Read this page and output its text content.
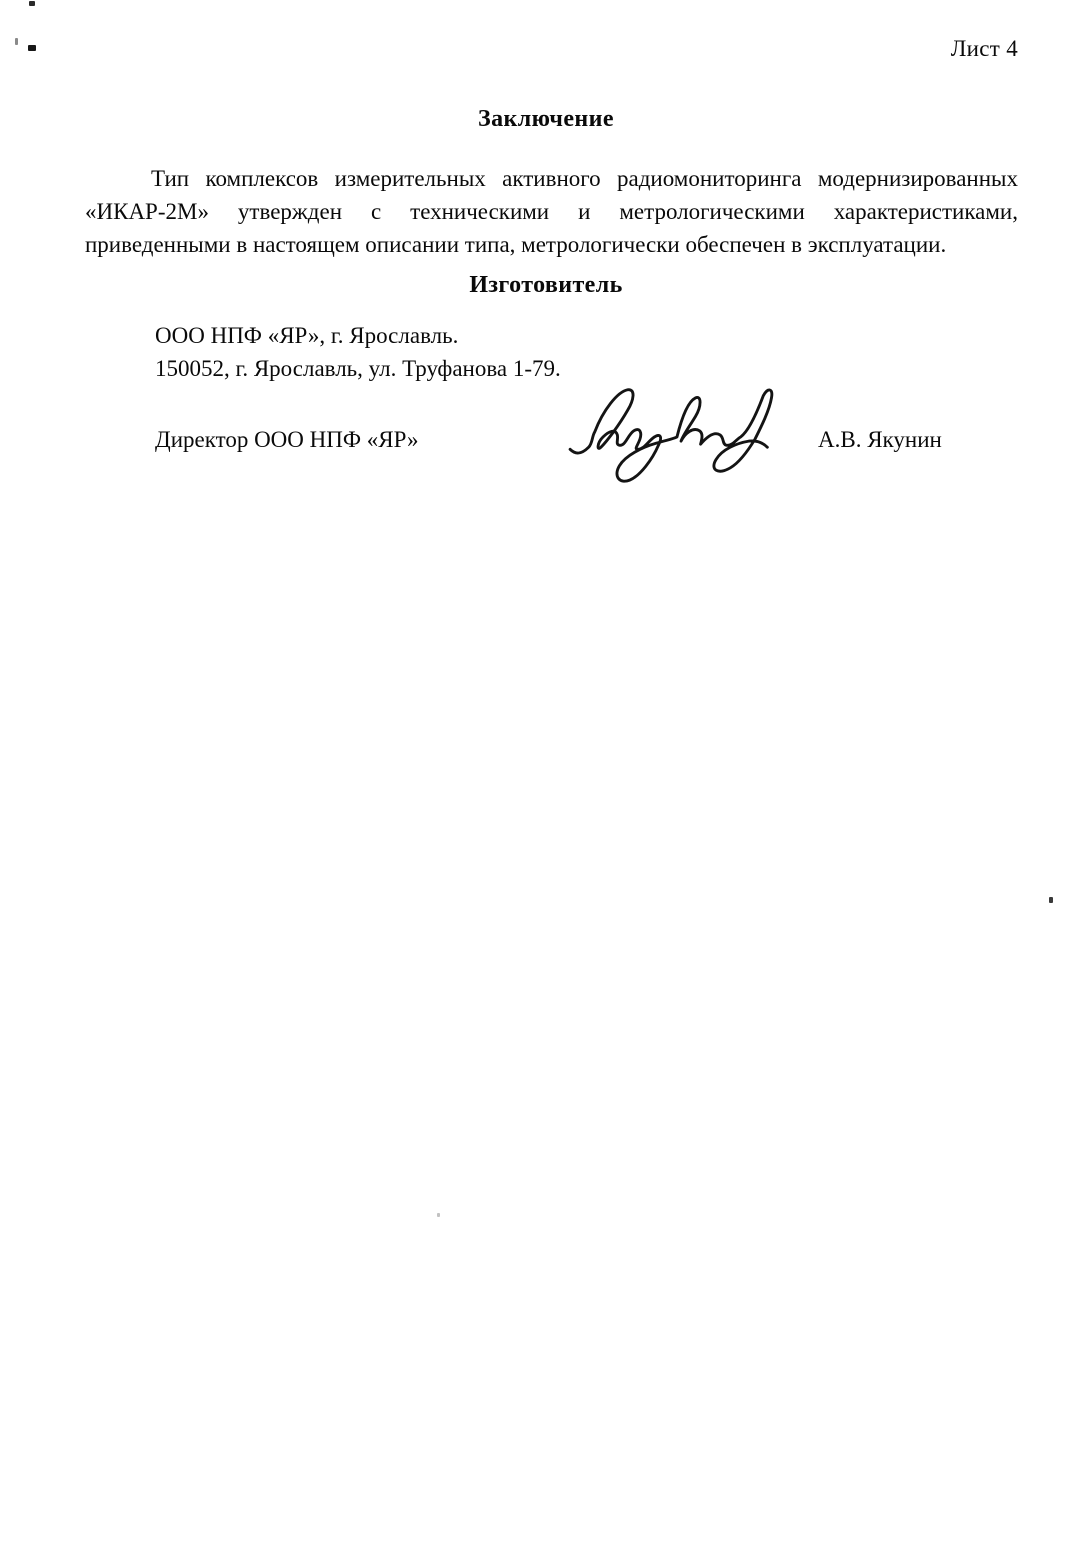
Лист 4
Заключение
Тип комплексов измерительных активного радиомониторинга модернизированных
«ИКАР-2М» утвержден с техническими и метрологическими характеристиками,
приведенными в настоящем описании типа, метрологически обеспечен в эксплуатации.
Изготовитель
ООО НПФ «ЯР», г. Ярославль.
150052, г. Ярославль, ул. Труфанова 1-79.
Директор ООО НПФ «ЯР»	А.В. Якунин
